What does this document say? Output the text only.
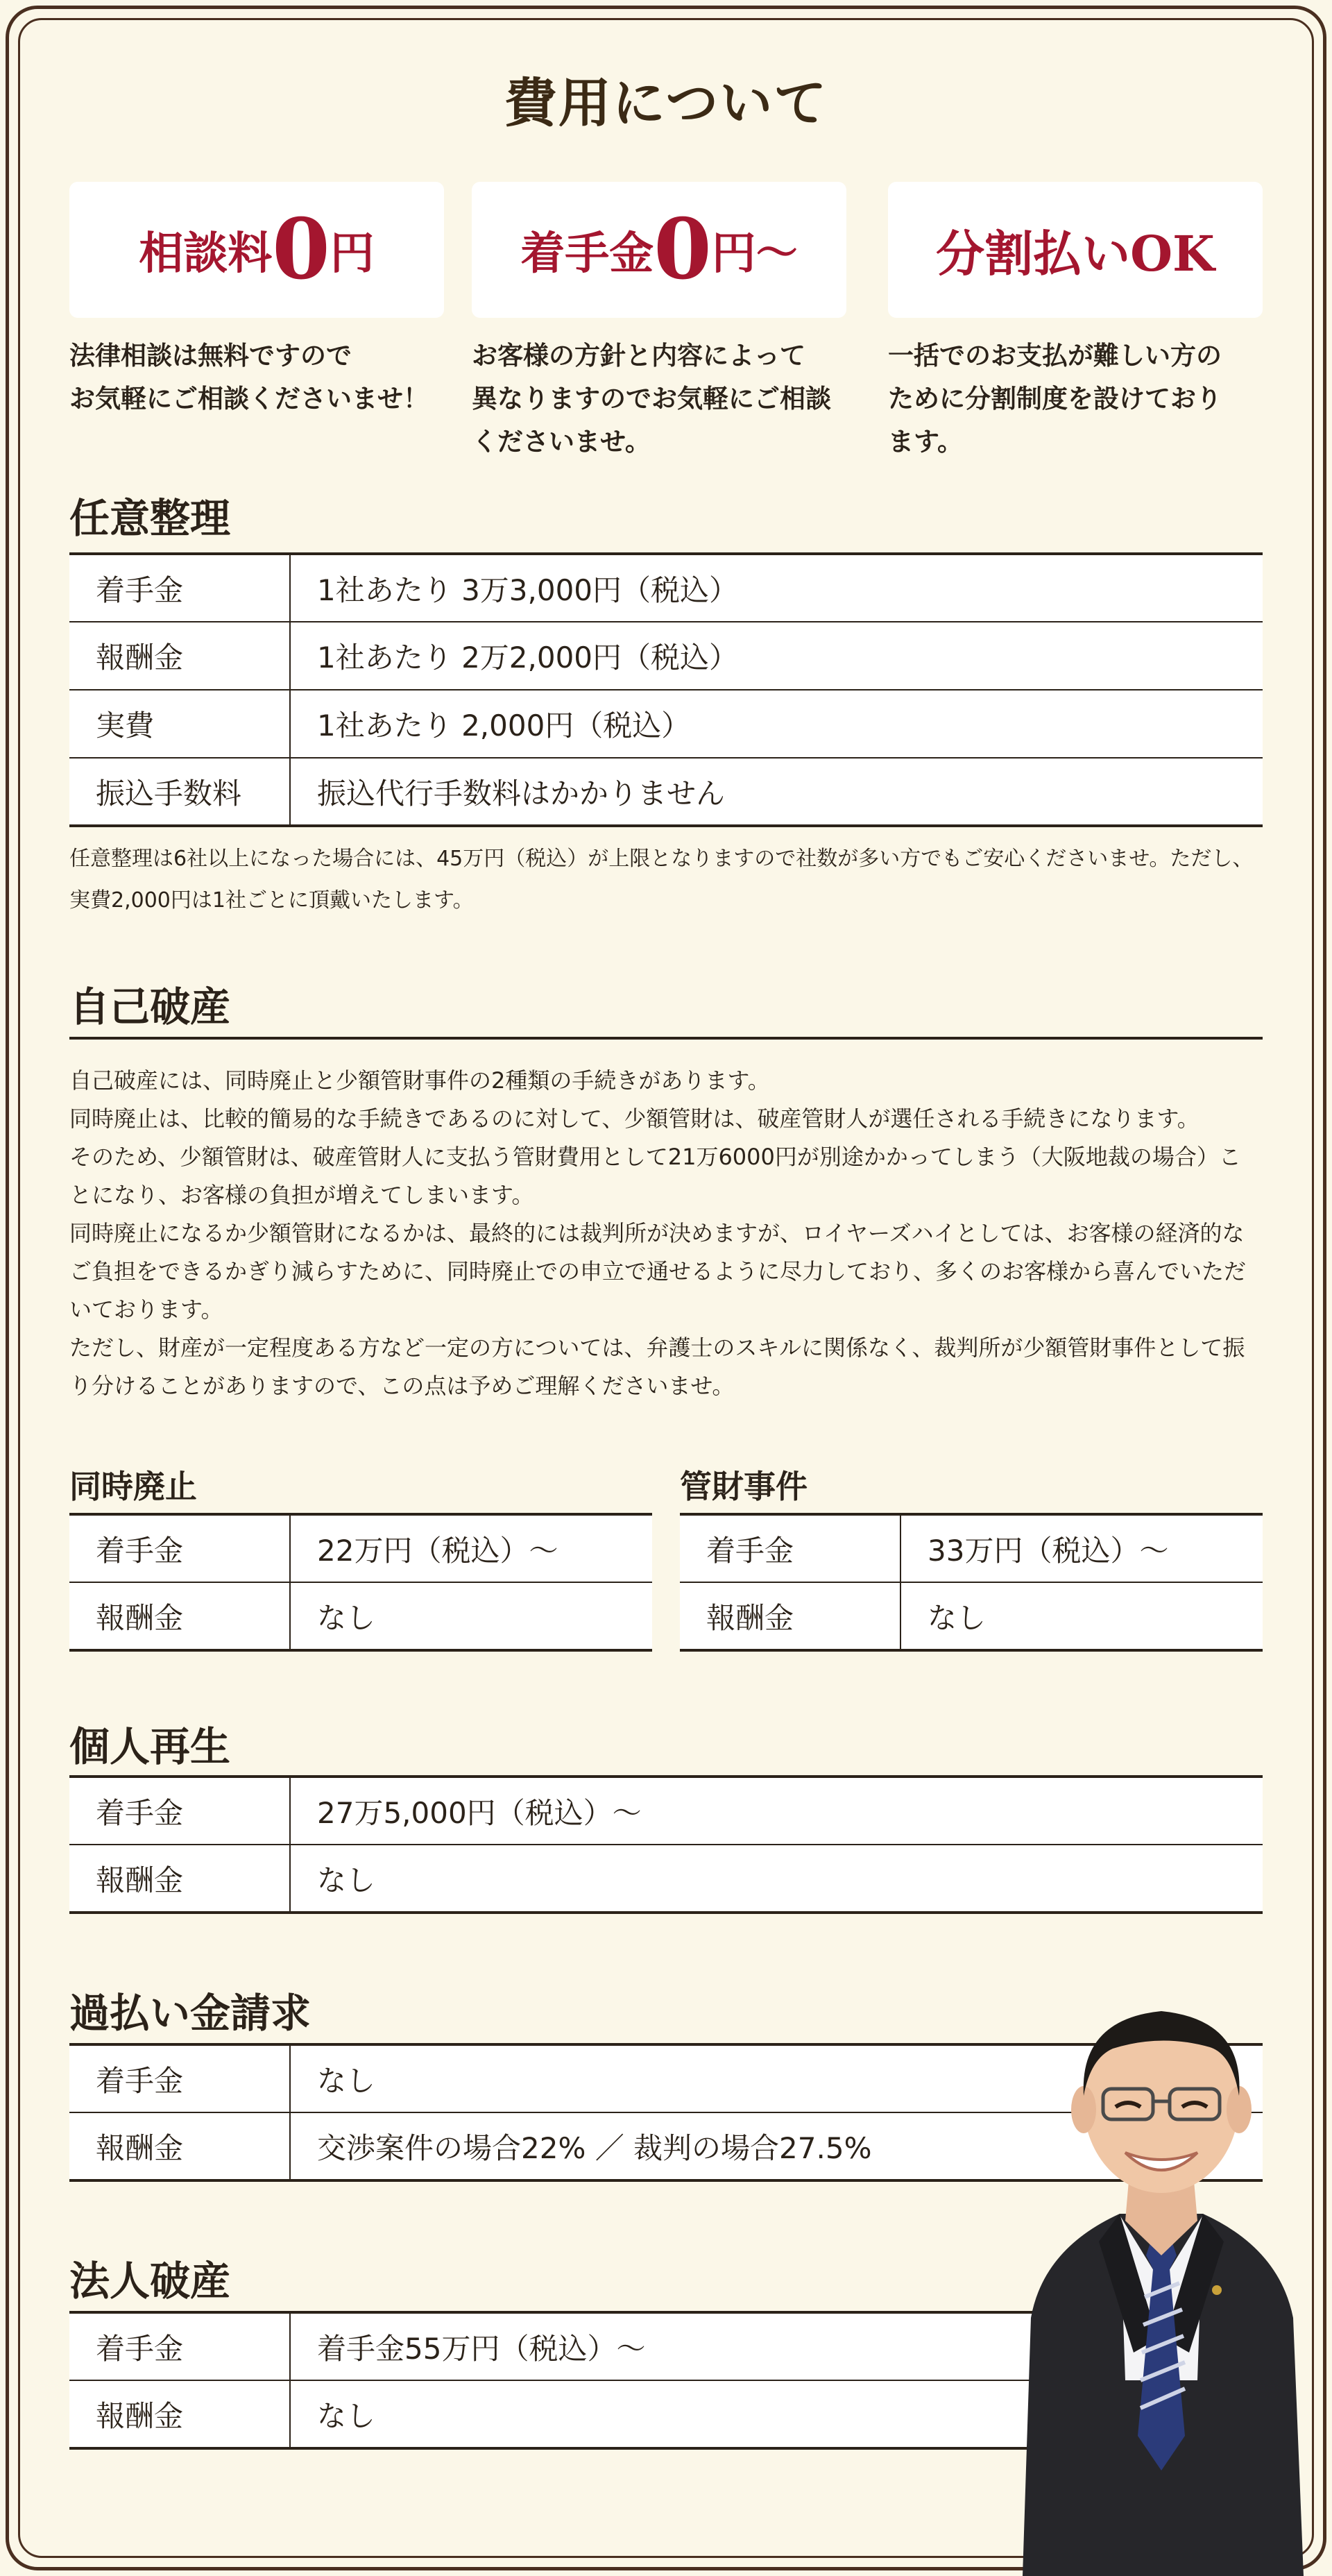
費用について
相談料 0 円
法律相談は無料ですので
お気軽にご相談くださいませ！
着手金 0 円 〜
お客様の方針と内容によって
異なりますのでお気軽にご相談
くださいませ。
分割払いOK
一括でのお支払が難しい方の
ために分割制度を設けており
ます。
任意整理
着手金	1社あたり 3万3,000円（税込）
報酬金	1社あたり 2万2,000円（税込）
実費	1社あたり 2,000円（税込）
振込手数料	振込代行手数料はかかりません
任意整理は6社以上になった場合には、45万円（税込）が上限となりますので社数が多い方でもご安心くださいませ。ただし、実費2,000円は1社ごとに頂戴いたします。
自己破産

自己破産には、同時廃止と少額管財事件の2種類の手続きがあります。

同時廃止は、比較的簡易的な手続きであるのに対して、少額管財は、破産管財人が選任される手続きになります。

そのため、少額管財は、破産管財人に支払う管財費用として21万6000円が別途かかってしまう（大阪地裁の場合）ことになり、お客様の負担が増えてしまいます。

同時廃止になるか少額管財になるかは、最終的には裁判所が決めますが、ロイヤーズハイとしては、お客様の経済的なご負担をできるかぎり減らすために、同時廃止での申立で通せるように尽力しており、多くのお客様から喜んでいただいております。

ただし、財産が一定程度ある方など一定の方については、弁護士のスキルに関係なく、裁判所が少額管財事件として振り分けることがありますので、この点は予めご理解くださいませ。

同時廃止
着手金	22万円（税込）〜
報酬金	なし
管財事件
着手金	33万円（税込）〜
報酬金	なし
個人再生
着手金	27万5,000円（税込）〜
報酬金	なし
過払い金請求
着手金	なし
報酬金	交渉案件の場合22% ／ 裁判の場合27.5%
法人破産
着手金	着手金55万円（税込）〜
報酬金	なし
